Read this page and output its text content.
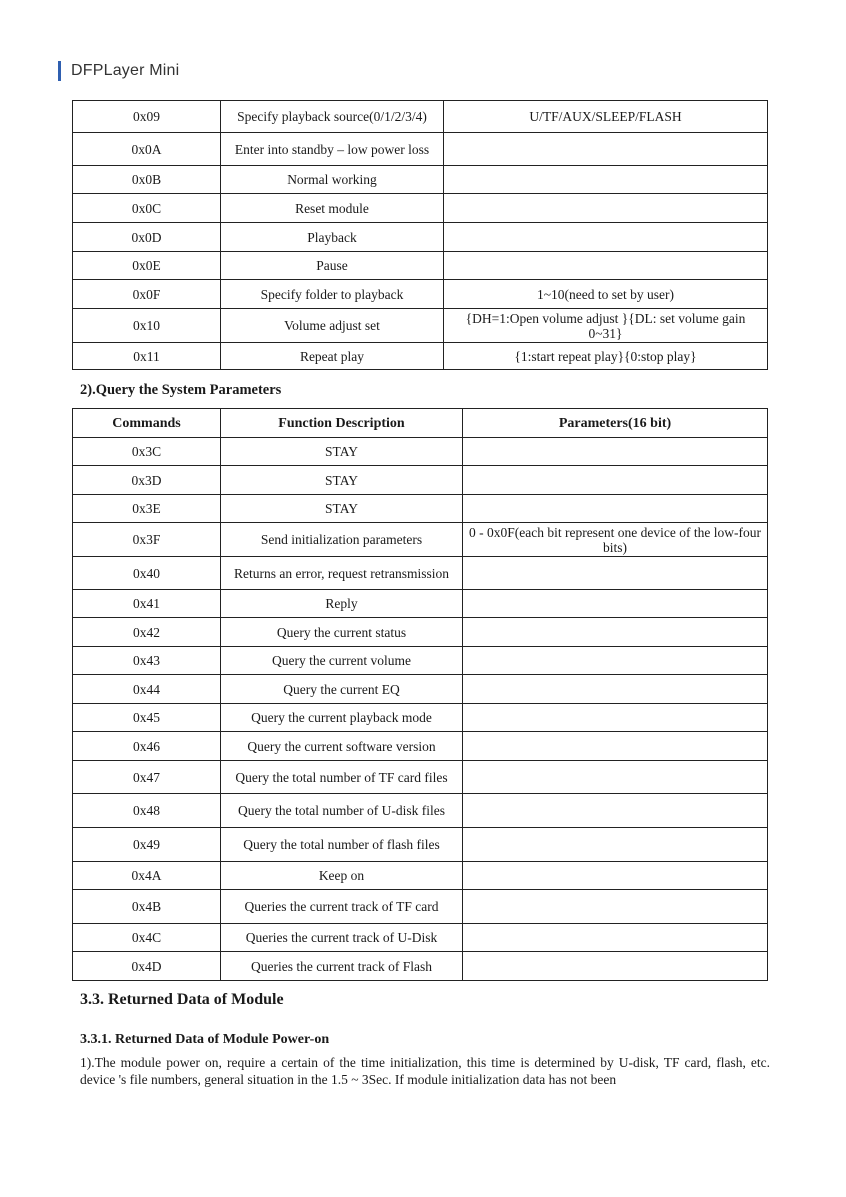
DFPLayer Mini
0x09	Specify playback source(0/1/2/3/4)	U/TF/AUX/SLEEP/FLASH
0x0A	Enter into standby – low power loss	
0x0B	Normal working	
0x0C	Reset module	
0x0D	Playback	
0x0E	Pause	
0x0F	Specify folder to playback	1~10(need to set by user)
0x10	Volume adjust set	{DH=1:Open volume adjust }{DL: set volume gain 0~31}
0x11	Repeat play	{1:start repeat play}{0:stop play}
2).Query the System Parameters
Commands	Function Description	Parameters(16 bit)
0x3C	STAY	
0x3D	STAY	
0x3E	STAY	
0x3F	Send initialization parameters	0 - 0x0F(each bit represent one device of the low-four bits)
0x40	Returns an error, request retransmission	
0x41	Reply	
0x42	Query the current status	
0x43	Query the current volume	
0x44	Query the current EQ	
0x45	Query the current playback mode	
0x46	Query the current software version	
0x47	Query the total number of TF card files	
0x48	Query the total number of U-disk files	
0x49	Query the total number of flash files	
0x4A	Keep on	
0x4B	Queries the current track of TF card	
0x4C	Queries the current track of U-Disk	
0x4D	Queries the current track of Flash	
3.3. Returned Data of Module
3.3.1. Returned Data of Module Power-on
1).The module power on, require a certain of the time initialization, this time is determined by U-disk, TF card, flash, etc. device 's file numbers, general situation in the 1.5 ~ 3Sec. If module initialization data has not been
